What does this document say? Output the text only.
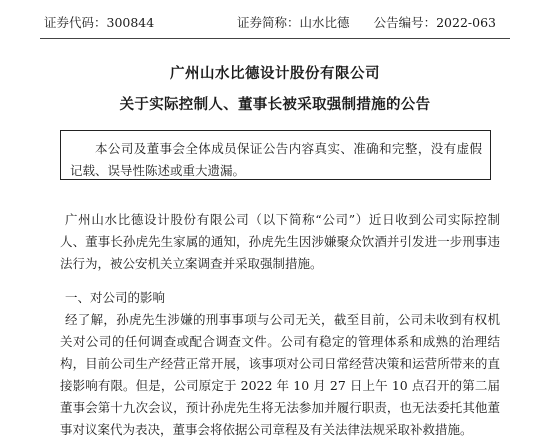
证券代码：300844	证券简称：山水比德 公告编号：2022-063
广州山水比德设计股份有限公司
关于实际控制人、董事长被采取强制措施的公告
本公司及董事会全体成员保证公告内容真实、准确和完整，没有虚假记载、误导性陈述或重大遗漏。
广州山水比德设计股份有限公司（以下简称“公司”）近日收到公司实际控制人、董事长孙虎先生家属的通知，孙虎先生因涉嫌聚众饮酒并引发进一步刑事违法行为，被公安机关立案调查并采取强制措施。
一、对公司的影响
经了解，孙虎先生涉嫌的刑事事项与公司无关，截至目前，公司未收到有权机关对公司的任何调查或配合调查文件。公司有稳定的管理体系和成熟的治理结构，目前公司生产经营正常开展，该事项对公司日常经营决策和运营所带来的直接影响有限。但是，公司原定于 2022 年 10 月 27 日上午 10 点召开的第二届董事会第十九次会议，预计孙虎先生将无法参加并履行职责，也无法委托其他董事对议案代为表决，董事会将依据公司章程及有关法律法规采取补救措施。
